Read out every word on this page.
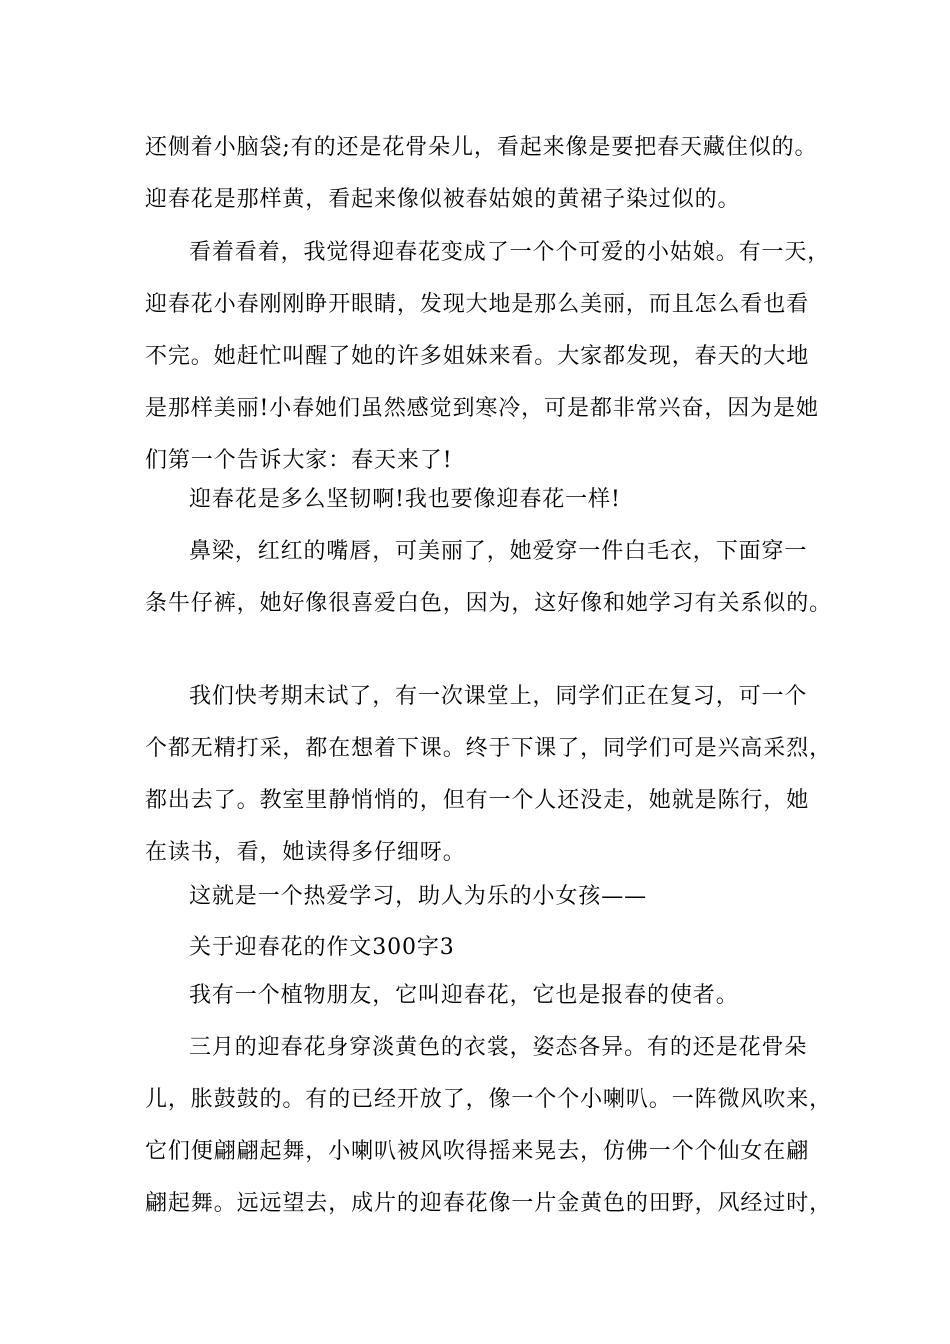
还侧着小脑袋;有的还是花骨朵儿，看起来像是要把春天藏住似的。
迎春花是那样黄，看起来像似被春姑娘的黄裙子染过似的。
看着看着，我觉得迎春花变成了一个个可爱的小姑娘。有一天，
迎春花小春刚刚睁开眼睛，发现大地是那么美丽，而且怎么看也看
不完。她赶忙叫醒了她的许多姐妹来看。大家都发现，春天的大地
是那样美丽!小春她们虽然感觉到寒冷，可是都非常兴奋，因为是她
们第一个告诉大家：春天来了!
迎春花是多么坚韧啊!我也要像迎春花一样!
鼻梁，红红的嘴唇，可美丽了，她爱穿一件白毛衣，下面穿一
条牛仔裤，她好像很喜爱白色，因为，这好像和她学习有关系似的。
我们快考期末试了，有一次课堂上，同学们正在复习，可一个
个都无精打采，都在想着下课。终于下课了，同学们可是兴高采烈，
都出去了。教室里静悄悄的，但有一个人还没走，她就是陈行，她
在读书，看，她读得多仔细呀。
这就是一个热爱学习，助人为乐的小女孩——
关于迎春花的作文300字3
我有一个植物朋友，它叫迎春花，它也是报春的使者。
三月的迎春花身穿淡黄色的衣裳，姿态各异。有的还是花骨朵
儿，胀鼓鼓的。有的已经开放了，像一个个小喇叭。一阵微风吹来，
它们便翩翩起舞，小喇叭被风吹得摇来晃去，仿佛一个个仙女在翩
翩起舞。远远望去，成片的迎春花像一片金黄色的田野，风经过时，
